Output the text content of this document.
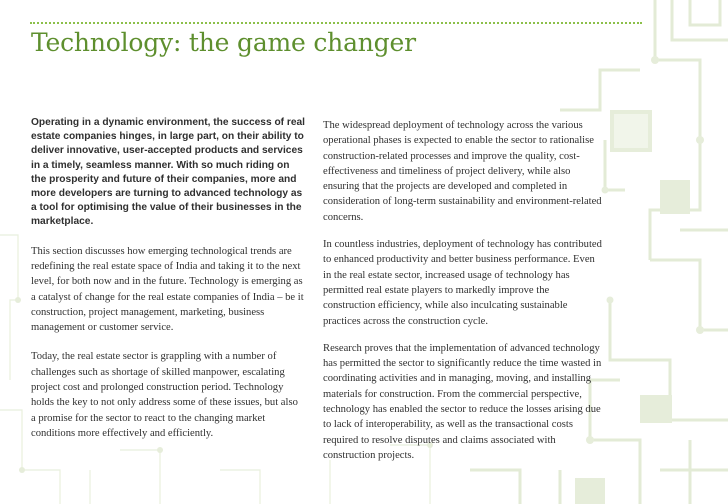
Technology: the game changer

Operating in a dynamic environment, the success of real estate companies hinges, in large part, on their ability to deliver innovative, user-accepted products and services in a timely, seamless manner. With so much riding on the prosperity and future of their companies, more and more developers are turning to advanced technology as a tool for optimising the value of their businesses in the marketplace.

This section discusses how emerging technological trends are redefining the real estate space of India and taking it to the next level, for both now and in the future. Technology is emerging as a catalyst of change for the real estate companies of India – be it construction, project management, marketing, business management or customer service.

Today, the real estate sector is grappling with a number of challenges such as shortage of skilled manpower, escalating project cost and prolonged construction period. Technology holds the key to not only address some of these issues, but also a promise for the sector to react to the changing market conditions more effectively and efficiently.

The widespread deployment of technology across the various operational phases is expected to enable the sector to rationalise construction-related processes and improve the quality, cost-effectiveness and timeliness of project delivery, while also ensuring that the projects are developed and completed in consideration of long-term sustainability and environment-related concerns.

In countless industries, deployment of technology has contributed to enhanced productivity and better business performance. Even in the real estate sector, increased usage of technology has permitted real estate players to markedly improve the construction efficiency, while also inculcating sustainable practices across the construction cycle.

Research proves that the implementation of advanced technology has permitted the sector to significantly reduce the time wasted in coordinating activities and in managing, moving, and installing materials for construction. From the commercial perspective, technology has enabled the sector to reduce the losses arising due to lack of interoperability, as well as the transactional costs required to resolve disputes and claims associated with construction projects.
